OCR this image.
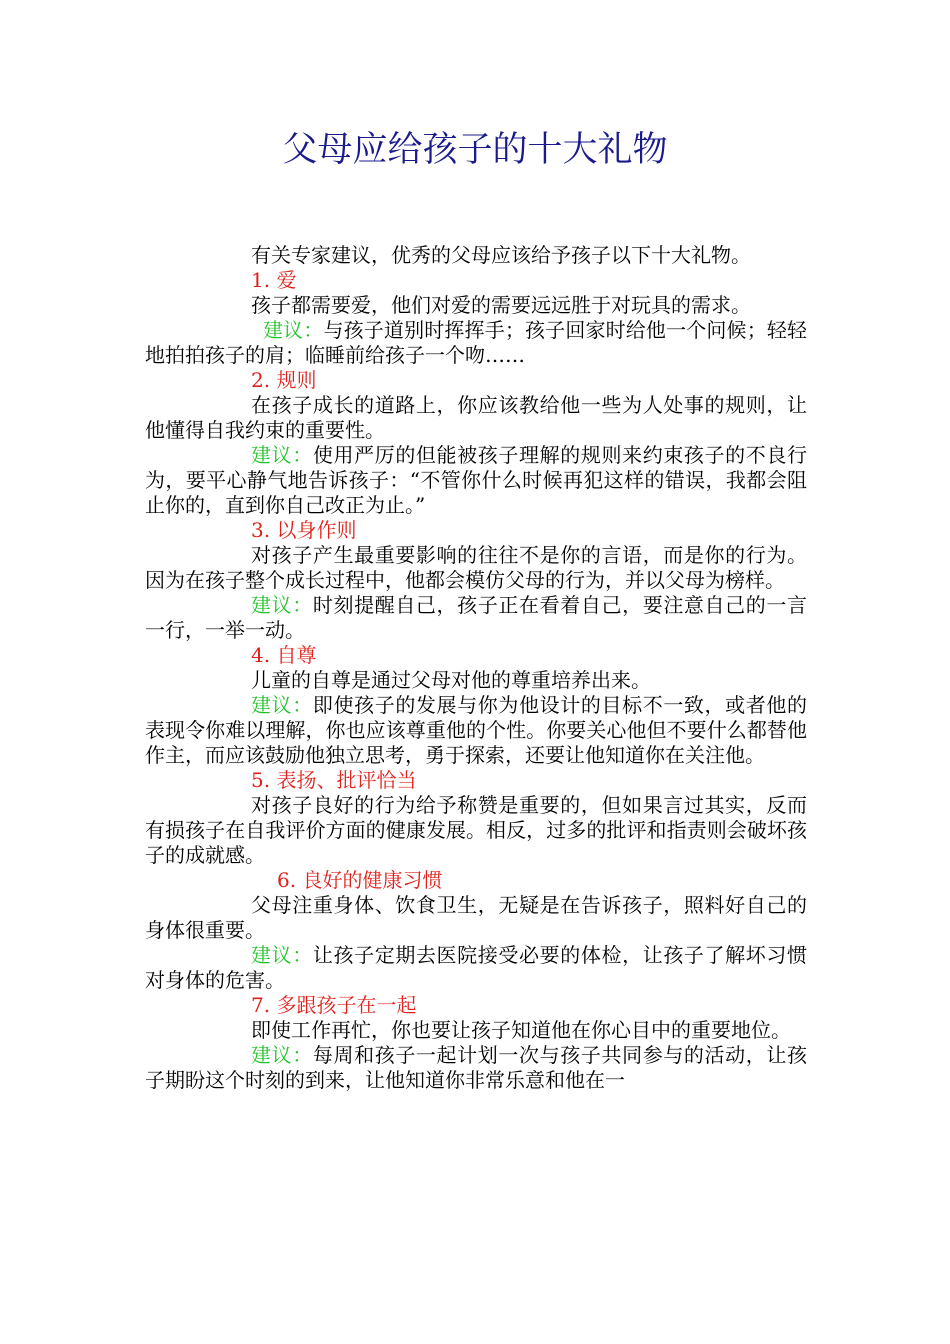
父母应给孩子的十大礼物

有关专家建议，优秀的父母应该给予孩子以下十大礼物。

1. 爱

孩子都需要爱，他们对爱的需要远远胜于对玩具的需求。

建议：与孩子道别时挥挥手；孩子回家时给他一个问候；轻轻地拍拍孩子的肩；临睡前给孩子一个吻……

2. 规则

在孩子成长的道路上，你应该教给他一些为人处事的规则，让他懂得自我约束的重要性。

建议：使用严厉的但能被孩子理解的规则来约束孩子的不良行为，要平心静气地告诉孩子：“不管你什么时候再犯这样的错误，我都会阻止你的，直到你自己改正为止。”

3. 以身作则

对孩子产生最重要影响的往往不是你的言语，而是你的行为。因为在孩子整个成长过程中，他都会模仿父母的行为，并以父母为榜样。

建议：时刻提醒自己，孩子正在看着自己，要注意自己的一言一行，一举一动。

4. 自尊

儿童的自尊是通过父母对他的尊重培养出来。

建议：即使孩子的发展与你为他设计的目标不一致，或者他的表现令你难以理解，你也应该尊重他的个性。你要关心他但不要什么都替他作主，而应该鼓励他独立思考，勇于探索，还要让他知道你在关注他。

5. 表扬、批评恰当

对孩子良好的行为给予称赞是重要的，但如果言过其实，反而有损孩子在自我评价方面的健康发展。相反，过多的批评和指责则会破坏孩子的成就感。

6. 良好的健康习惯

父母注重身体、饮食卫生，无疑是在告诉孩子，照料好自己的身体很重要。

建议：让孩子定期去医院接受必要的体检，让孩子了解坏习惯对身体的危害。

7. 多跟孩子在一起

即使工作再忙，你也要让孩子知道他在你心目中的重要地位。

建议：每周和孩子一起计划一次与孩子共同参与的活动，让孩子期盼这个时刻的到来，让他知道你非常乐意和他在一
